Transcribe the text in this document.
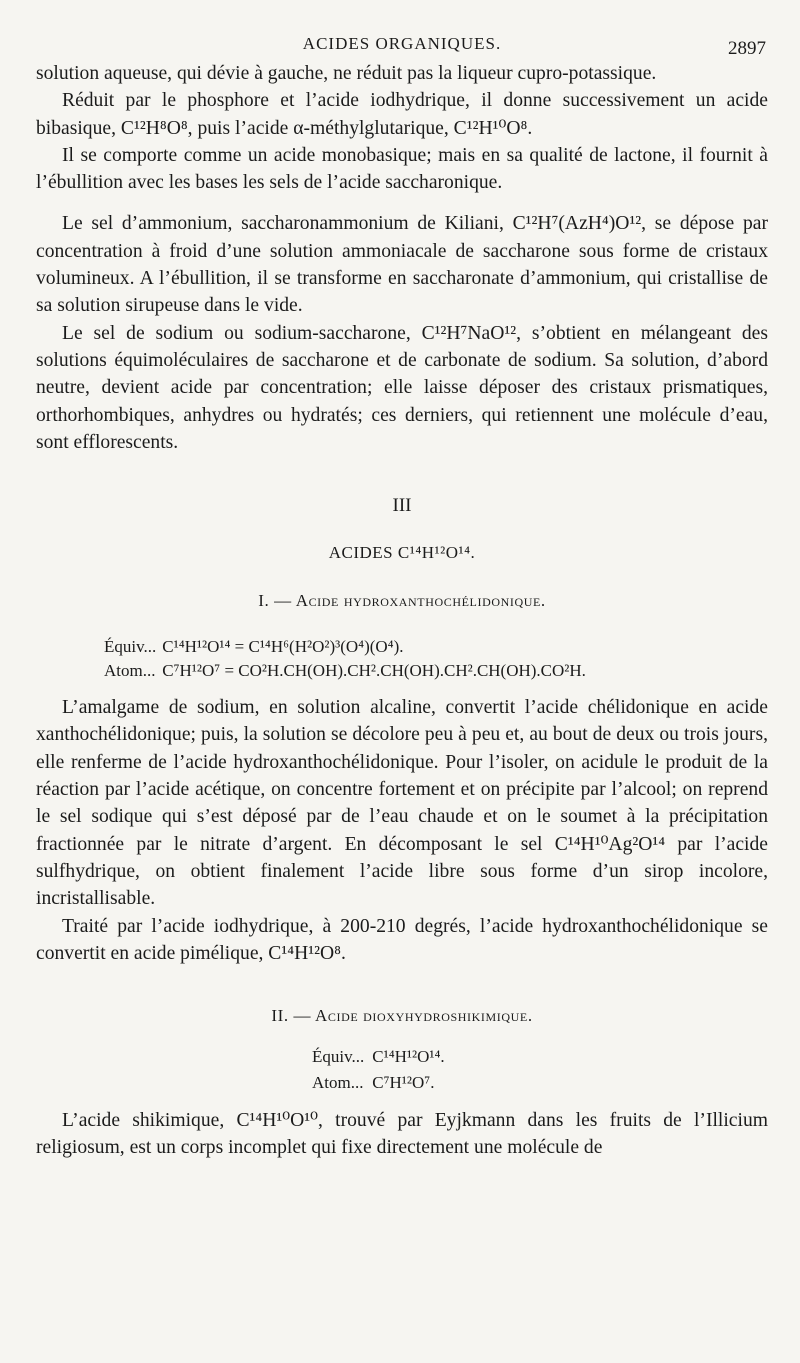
ACIDES ORGANIQUES.	2897

solution aqueuse, qui dévie à gauche, ne réduit pas la liqueur cupro-potassique.

Réduit par le phosphore et l’acide iodhydrique, il donne successivement un acide bibasique, C¹²H⁸O⁸, puis l’acide α-méthylglutarique, C¹²H¹⁰O⁸.

Il se comporte comme un acide monobasique; mais en sa qualité de lactone, il fournit à l’ébullition avec les bases les sels de l’acide saccharonique.

Le sel d’ammonium, saccharonammonium de Kiliani, C¹²H⁷(AzH⁴)O¹², se dépose par concentration à froid d’une solution ammoniacale de saccharone sous forme de cristaux volumineux. A l’ébullition, il se transforme en saccharonate d’ammonium, qui cristallise de sa solution sirupeuse dans le vide.

Le sel de sodium ou sodium-saccharone, C¹²H⁷NaO¹², s’obtient en mélangeant des solutions équimoléculaires de saccharone et de carbonate de sodium. Sa solution, d’abord neutre, devient acide par concentration; elle laisse déposer des cristaux prismatiques, orthorhombiques, anhydres ou hydratés; ces derniers, qui retiennent une molécule d’eau, sont efflorescents.

III
ACIDES C¹⁴H¹²O¹⁴.
I. — Acide hydroxanthochélidonique.
Équiv...	C¹⁴H¹²O¹⁴ = C¹⁴H⁶(H²O²)³(O⁴)(O⁴).
Atom...	C⁷H¹²O⁷ = CO²H.CH(OH).CH².CH(OH).CH².CH(OH).CO²H.

L’amalgame de sodium, en solution alcaline, convertit l’acide chélidonique en acide xanthochélidonique; puis, la solution se décolore peu à peu et, au bout de deux ou trois jours, elle renferme de l’acide hydroxanthochélidonique. Pour l’isoler, on acidule le produit de la réaction par l’acide acétique, on concentre fortement et on précipite par l’alcool; on reprend le sel sodique qui s’est déposé par de l’eau chaude et on le soumet à la précipitation fractionnée par le nitrate d’argent. En décomposant le sel C¹⁴H¹⁰Ag²O¹⁴ par l’acide sulfhydrique, on obtient finalement l’acide libre sous forme d’un sirop incolore, incristallisable.

Traité par l’acide iodhydrique, à 200-210 degrés, l’acide hydroxanthochélidonique se convertit en acide pimélique, C¹⁴H¹²O⁸.

II. — Acide dioxyhydroshikimique.
Équiv...	C¹⁴H¹²O¹⁴.
Atom...	C⁷H¹²O⁷.

L’acide shikimique, C¹⁴H¹⁰O¹⁰, trouvé par Eyjkmann dans les fruits de l’Illicium religiosum, est un corps incomplet qui fixe directement une molécule de
